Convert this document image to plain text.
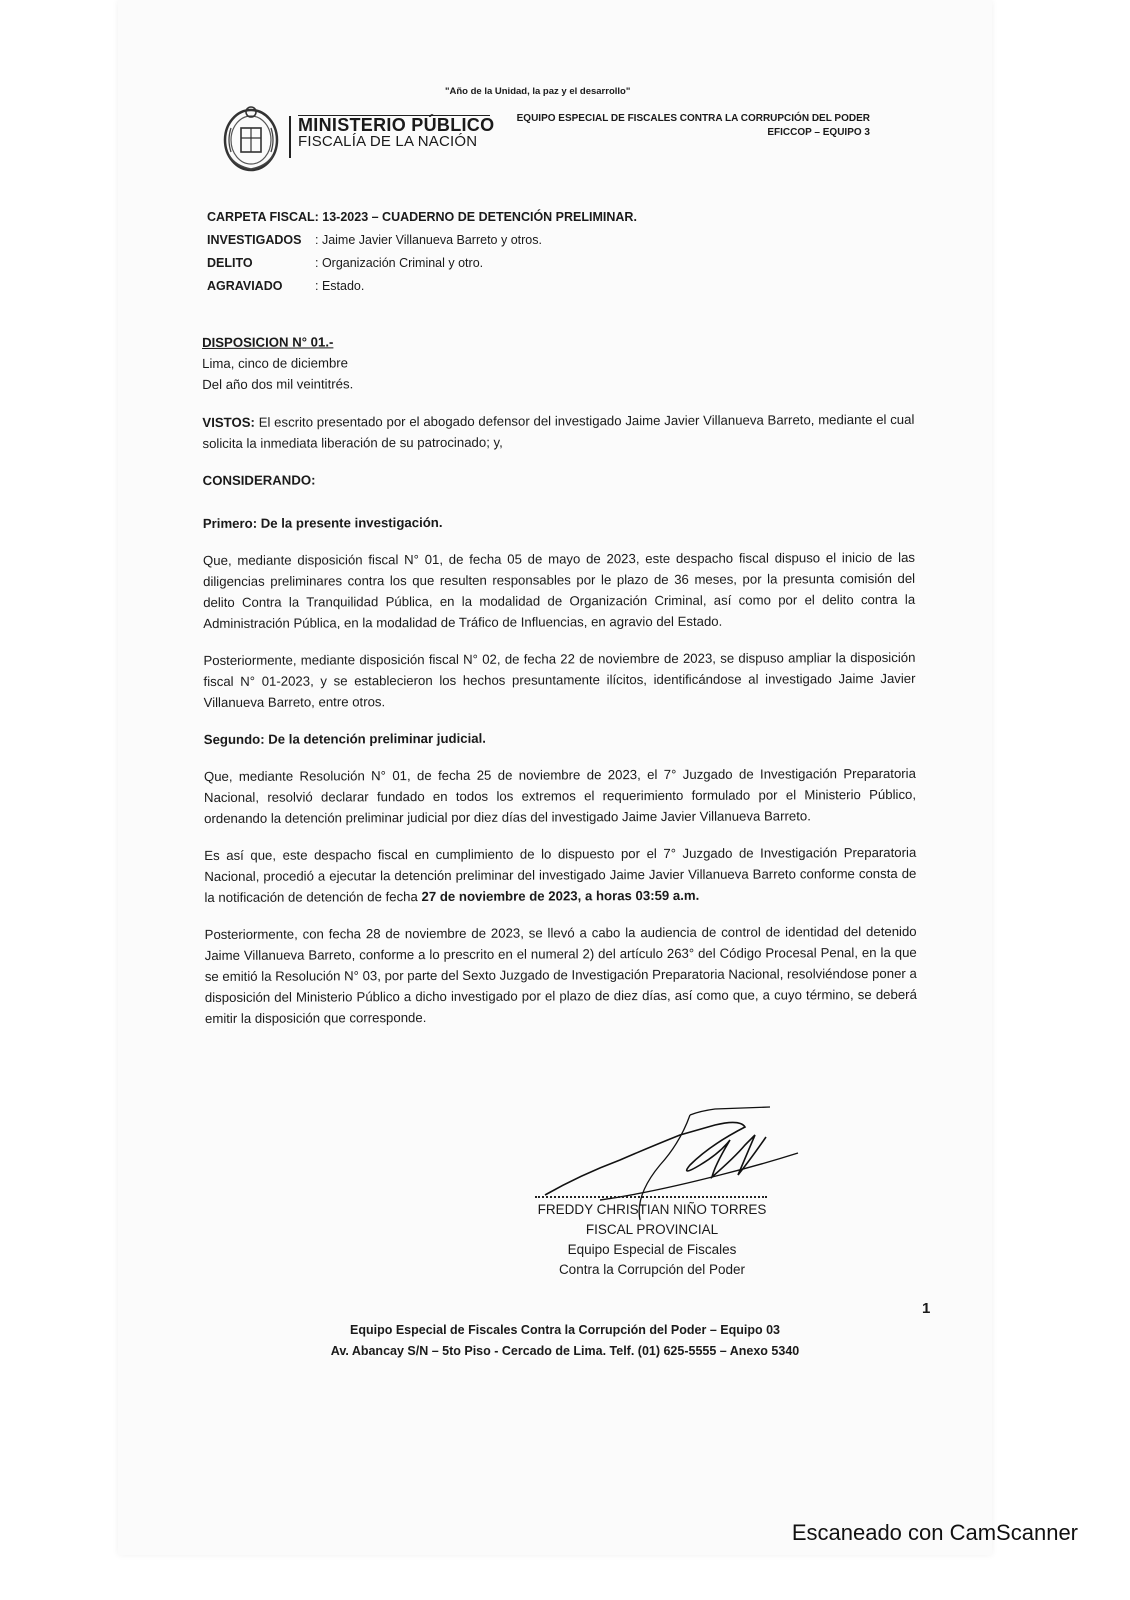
"Año de la Unidad, la paz y el desarrollo"
MINISTERIO PÚBLICO
FISCALÍA DE LA NACIÓN
EQUIPO ESPECIAL DE FISCALES CONTRA LA CORRUPCIÓN DEL PODER
EFICCOP – EQUIPO 3
CARPETA FISCAL: 13-2023 – CUADERNO DE DETENCIÓN PRELIMINAR.
INVESTIGADOS	: Jaime Javier Villanueva Barreto y otros.
DELITO	: Organización Criminal y otro.
AGRAVIADO	: Estado.

DISPOSICION N° 01.-
Lima, cinco de diciembre
Del año dos mil veintitrés.

VISTOS: El escrito presentado por el abogado defensor del investigado Jaime Javier Villanueva Barreto, mediante el cual solicita la inmediata liberación de su patrocinado; y,

CONSIDERANDO:

Primero: De la presente investigación.

Que, mediante disposición fiscal N° 01, de fecha 05 de mayo de 2023, este despacho fiscal dispuso el inicio de las diligencias preliminares contra los que resulten responsables por le plazo de 36 meses, por la presunta comisión del delito Contra la Tranquilidad Pública, en la modalidad de Organización Criminal, así como por el delito contra la Administración Pública, en la modalidad de Tráfico de Influencias, en agravio del Estado.

Posteriormente, mediante disposición fiscal N° 02, de fecha 22 de noviembre de 2023, se dispuso ampliar la disposición fiscal N° 01-2023, y se establecieron los hechos presuntamente ilícitos, identificándose al investigado Jaime Javier Villanueva Barreto, entre otros.

Segundo: De la detención preliminar judicial.

Que, mediante Resolución N° 01, de fecha 25 de noviembre de 2023, el 7° Juzgado de Investigación Preparatoria Nacional, resolvió declarar fundado en todos los extremos el requerimiento formulado por el Ministerio Público, ordenando la detención preliminar judicial por diez días del investigado Jaime Javier Villanueva Barreto.

Es así que, este despacho fiscal en cumplimiento de lo dispuesto por el 7° Juzgado de Investigación Preparatoria Nacional, procedió a ejecutar la detención preliminar del investigado Jaime Javier Villanueva Barreto conforme consta de la notificación de detención de fecha 27 de noviembre de 2023, a horas 03:59 a.m.

Posteriormente, con fecha 28 de noviembre de 2023, se llevó a cabo la audiencia de control de identidad del detenido Jaime Villanueva Barreto, conforme a lo prescrito en el numeral 2) del artículo 263° del Código Procesal Penal, en la que se emitió la Resolución N° 03, por parte del Sexto Juzgado de Investigación Preparatoria Nacional, resolviéndose poner a disposición del Ministerio Público a dicho investigado por el plazo de diez días, así como que, a cuyo término, se deberá emitir la disposición que corresponde.

FREDDY CHRISTIAN NIÑO TORRES
FISCAL PROVINCIAL
Equipo Especial de Fiscales
Contra la Corrupción del Poder
1
Equipo Especial de Fiscales Contra la Corrupción del Poder – Equipo 03
Av. Abancay S/N – 5to Piso - Cercado de Lima. Telf. (01) 625-5555 – Anexo 5340
Escaneado con CamScanner
